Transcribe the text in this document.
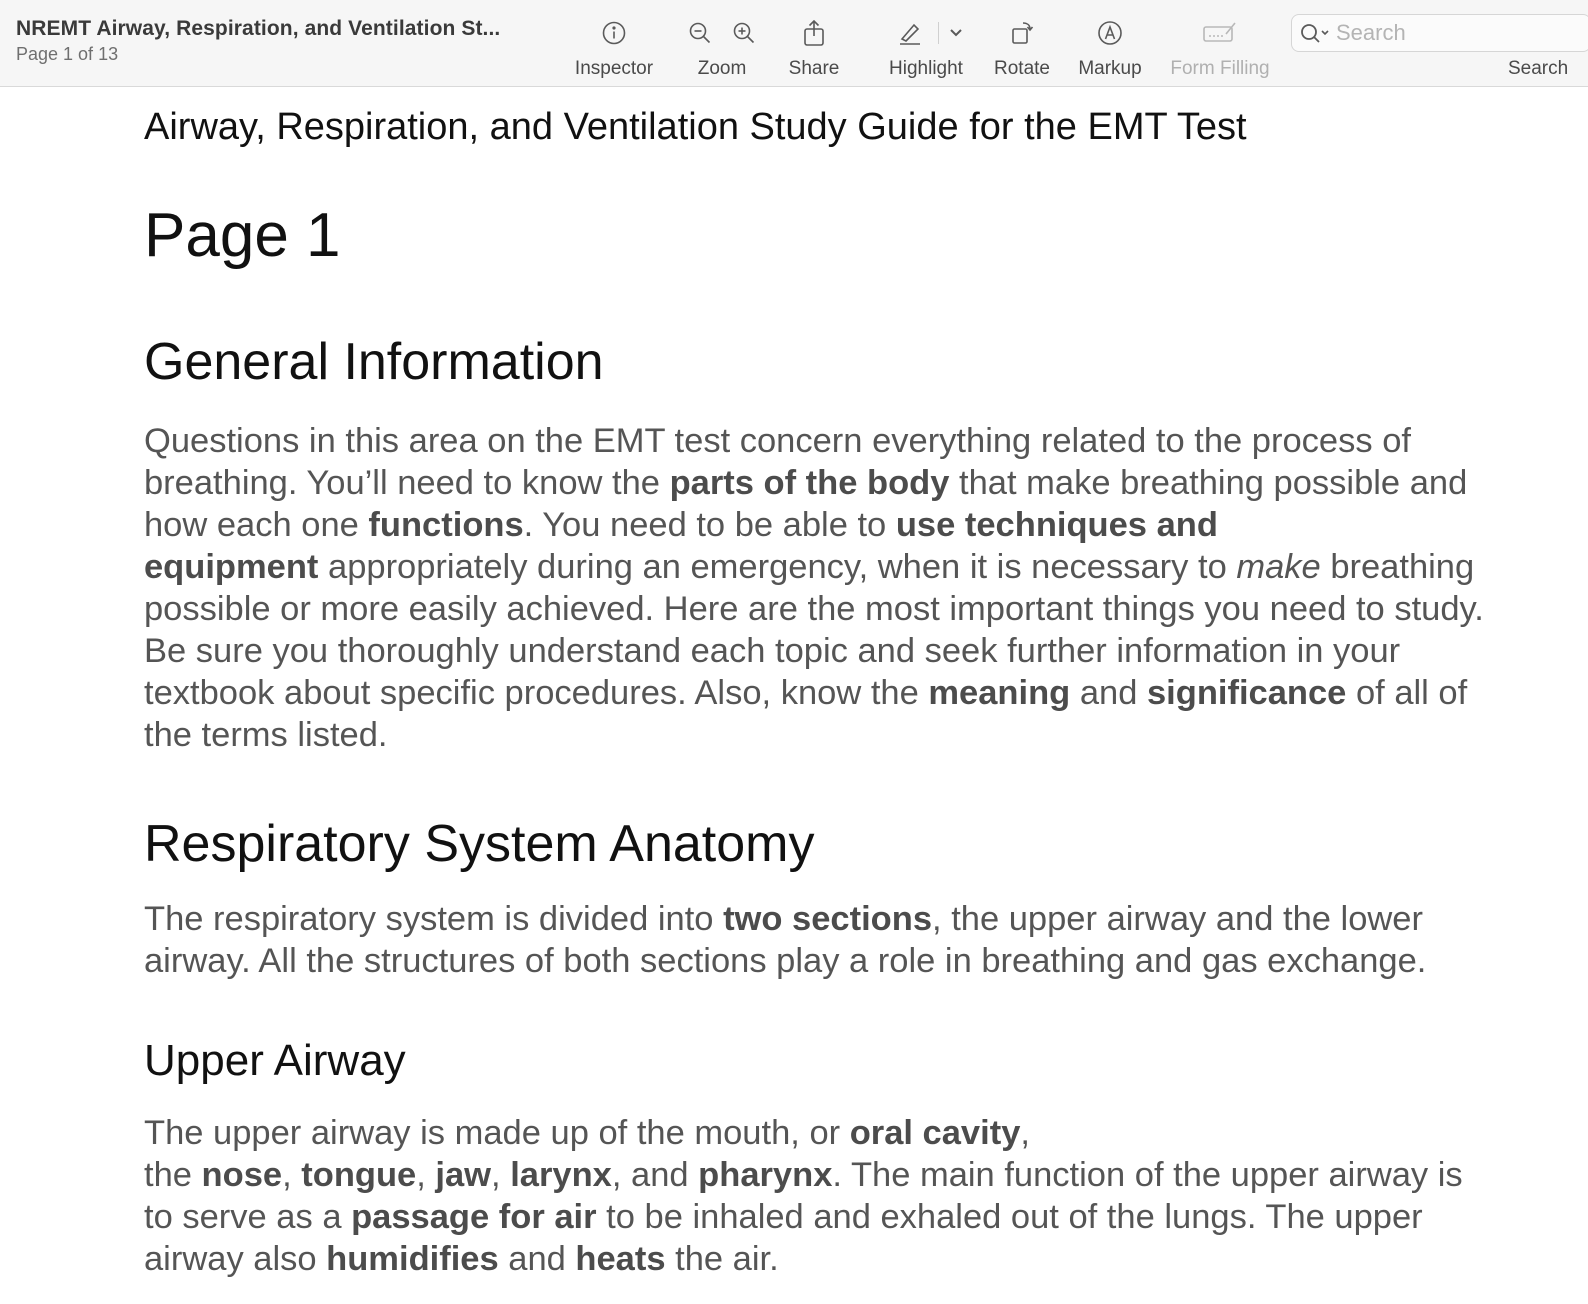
NREMT Airway, Respiration, and Ventilation St...
Page 1 of 13
Inspector Zoom Share	Highlight Rotate Markup Form Filling
Search	Search
Airway, Respiration, and Ventilation Study Guide for the EMT Test
Page 1
General Information
Questions in this area on the EMT test concern everything related to the process of
breathing. You’ll need to know the parts of the body that make breathing possible and
how each one functions. You need to be able to use techniques and
equipment appropriately during an emergency, when it is necessary to make breathing
possible or more easily achieved. Here are the most important things you need to study.
Be sure you thoroughly understand each topic and seek further information in your
textbook about specific procedures. Also, know the meaning and significance of all of
the terms listed.
Respiratory System Anatomy
The respiratory system is divided into two sections, the upper airway and the lower
airway. All the structures of both sections play a role in breathing and gas exchange.
Upper Airway
The upper airway is made up of the mouth, or oral cavity,
the nose, tongue, jaw, larynx, and pharynx. The main function of the upper airway is
to serve as a passage for air to be inhaled and exhaled out of the lungs. The upper
airway also humidifies and heats the air.
